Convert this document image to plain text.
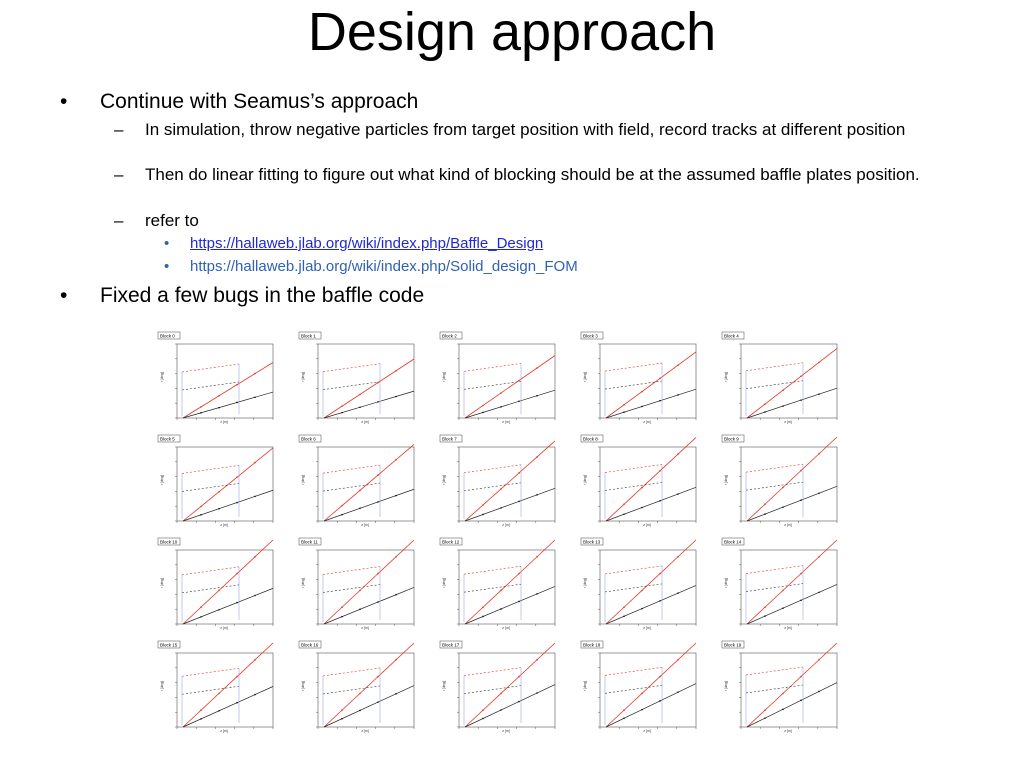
Design approach
• Continue with Seamus’s approach
– In simulation, throw negative particles from target position with field, record tracks at different position
– Then do linear fitting to figure out what kind of blocking should be at the assumed baffle plates position.
– refer to
• https://hallaweb.jlab.org/wiki/index.php/Baffle_Design
• https://hallaweb.jlab.org/wiki/index.php/Solid_design_FOM
• Fixed a few bugs in the baffle code
Block 0
z [m]
r [deg]
Block 1
z [m]
r [deg]
Block 2
z [m]
r [deg]
Block 3
z [m]
r [deg]
Block 4
z [m]
r [deg]
Block 5
z [m]
r [deg]
Block 6
z [m]
r [deg]
Block 7
z [m]
r [deg]
Block 8
z [m]
r [deg]
Block 9
z [m]
r [deg]
Block 10
z [m]
r [deg]
Block 11
z [m]
r [deg]
Block 12
z [m]
r [deg]
Block 13
z [m]
r [deg]
Block 14
z [m]
r [deg]
Block 15
z [m]
r [deg]
Block 16
z [m]
r [deg]
Block 17
z [m]
r [deg]
Block 18
z [m]
r [deg]
Block 19
z [m]
r [deg]
